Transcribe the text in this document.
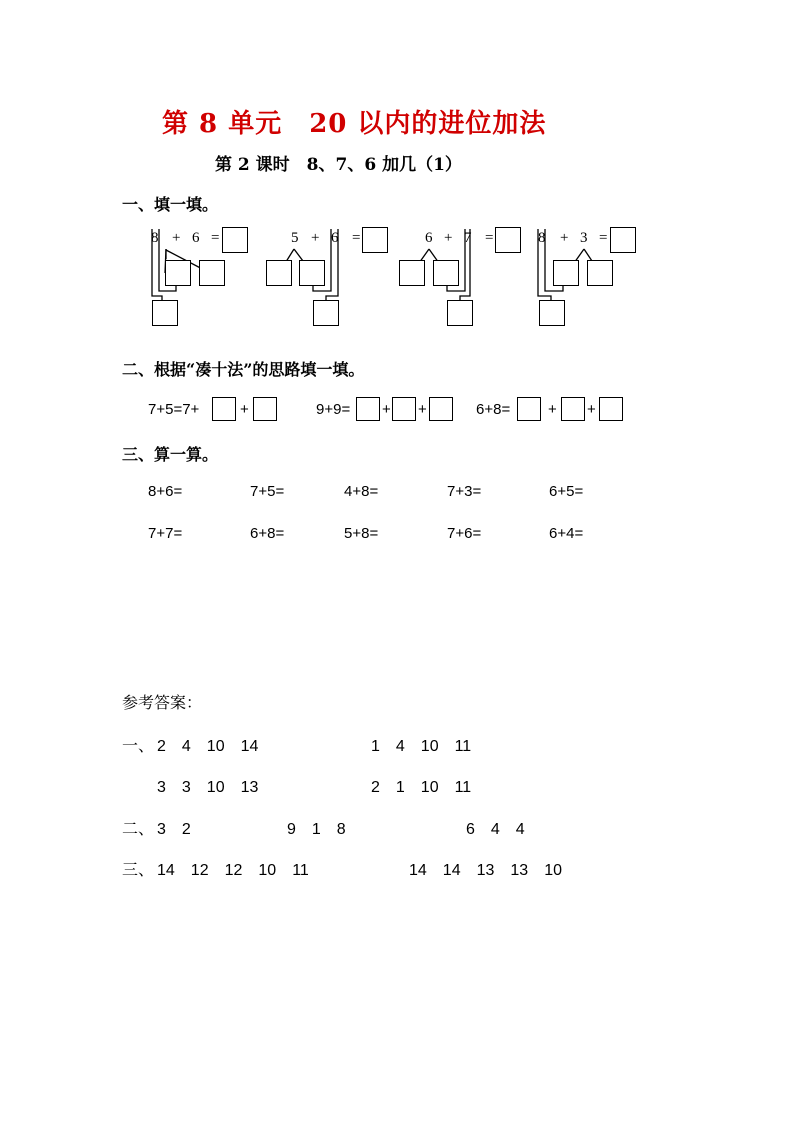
第 8 单元　20 以内的进位加法
第 2 课时　8、7、6 加几（1）
一、填一填。
8 + 6 =	5 + 6 =	6 + 7 =	8 + 3 =
二、根据“凑十法”的思路填一填。
7+5=7+	+	9+9= + +	6+8=	+ +
三、算一算。
8+6=	7+5=	4+8=	7+3=	6+5=
7+7=	6+8=	5+8=	7+6=	6+4=
参考答案：
一、 2　4　10　14	1　4　10　11
3　3　10　13	2　1　10　11
二、 3　2	9　1　8	6　4　4
三、 14　12　12　10　11	14　14　13　13　10
